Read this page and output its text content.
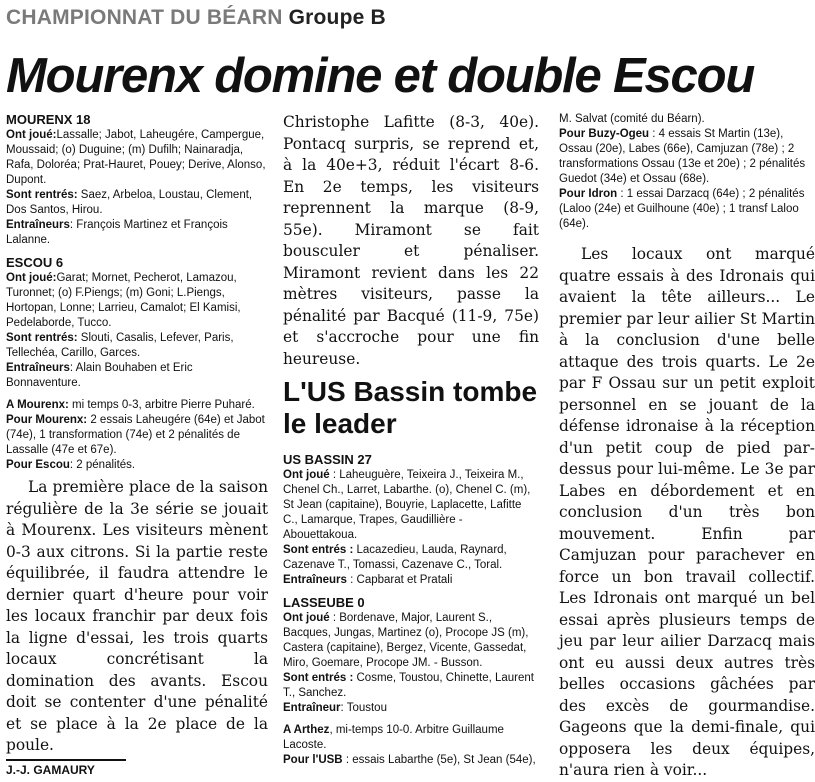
CHAMPIONNAT DU BÉARN Groupe B
Mourenx domine et double Escou

MOURENX 18

Ont joué:Lassalle; Jabot, Laheugére, Campergue, Moussaid; (o) Duguine; (m) Dufilh; Nainaradja, Rafa, Doloréa; Prat-Hauret, Pouey; Derive, Alonso, Dupont.

Sont rentrés: Saez, Arbeloa, Loustau, Clement, Dos Santos, Hirou.

Entraîneurs: François Martinez et François Lalanne.

ESCOU 6

Ont joué:Garat; Mornet, Pecherot, Lamazou, Turonnet; (o) F.Piengs; (m) Goni; L.Piengs, Hortopan, Lonne; Larrieu, Camalot; El Kamisi, Pedelaborde, Tucco.

Sont rentrés: Slouti, Casalis, Lefever, Paris, Tellechéa, Carillo, Garces.

Entraîneurs: Alain Bouhaben et Eric Bonnaventure.

A Mourenx: mi temps 0-3, arbitre Pierre Puharé.

Pour Mourenx: 2 essais Laheugére (64e) et Jabot (74e), 1 transformation (74e) et 2 pénalités de Lassalle (47e et 67e).

Pour Escou: 2 pénalités.

La première place de la saison régulière de la 3e série se jouait à Mourenx. Les visiteurs mènent 0-3 aux citrons. Si la partie reste équilibrée, il faudra attendre le dernier quart d'heure pour voir les locaux franchir par deux fois la ligne d'essai, les trois quarts locaux concrétisant la domination des avants. Escou doit se contenter d'une pénalité et se place à la 2e place de la poule.

J.-J. GAMAURY

Christophe Lafitte (8-3, 40e). Pontacq surpris, se reprend et, à la 40e+3, réduit l'écart 8-6. En 2e temps, les visiteurs reprennent la marque (8-9, 55e). Miramont se fait bousculer et pénaliser. Miramont revient dans les 22 mètres visiteurs, passe la pénalité par Bacqué (11-9, 75e) et s'accroche pour une fin heureuse.

L'US Bassin tombe le leader

US BASSIN 27

Ont joué : Laheuguère, Teixeira J., Teixeira M., Chenel Ch., Larret, Labarthe. (o), Chenel C. (m), St Jean (capitaine), Bouyrie, Laplacette, Lafitte C., Lamarque, Trapes, Gaudillière - Abouettakoua.

Sont entrés : Lacazedieu, Lauda, Raynard, Cazenave T., Tomassi, Cazenave C., Toral.

Entraîneurs : Capbarat et Pratali

LASSEUBE 0

Ont joué : Bordenave, Major, Laurent S., Bacques, Jungas, Martinez (o), Procope JS (m), Castera (capitaine), Bergez, Vicente, Gassedat, Miro, Goemare, Procope JM. - Busson.

Sont entrés : Cosme, Toustou, Chinette, Laurent T., Sanchez.

Entraîneur: Toustou

A Arthez, mi-temps 10-0. Arbitre Guillaume Lacoste.

Pour l'USB : essais Labarthe (5e), St Jean (54e),

M. Salvat (comité du Béarn).

Pour Buzy-Ogeu : 4 essais St Martin (13e), Ossau (20e), Labes (66e), Camjuzan (78e) ; 2 transformations Ossau (13e et 20e) ; 2 pénalités Guedot (34e) et Ossau (68e).

Pour Idron : 1 essai Darzacq (64e) ; 2 pénalités (Laloo (24e) et Guilhoune (40e) ; 1 transf Laloo (64e).

Les locaux ont marqué quatre essais à des Idronais qui avaient la tête ailleurs... Le premier par leur ailier St Martin à la conclusion d'une belle attaque des trois quarts. Le 2e par F Ossau sur un petit exploit personnel en se jouant de la défense idronaise à la réception d'un petit coup de pied par-dessus pour lui-même. Le 3e par Labes en débordement et en conclusion d'un très bon mouvement. Enfin par Camjuzan pour parachever en force un bon travail collectif. Les Idronais ont marqué un bel essai après plusieurs temps de jeu par leur ailier Darzacq mais ont eu aussi deux autres très belles occasions gâchées par des excès de gourmandise. Gageons que la demi-finale, qui opposera les deux équipes, n'aura rien à voir...
